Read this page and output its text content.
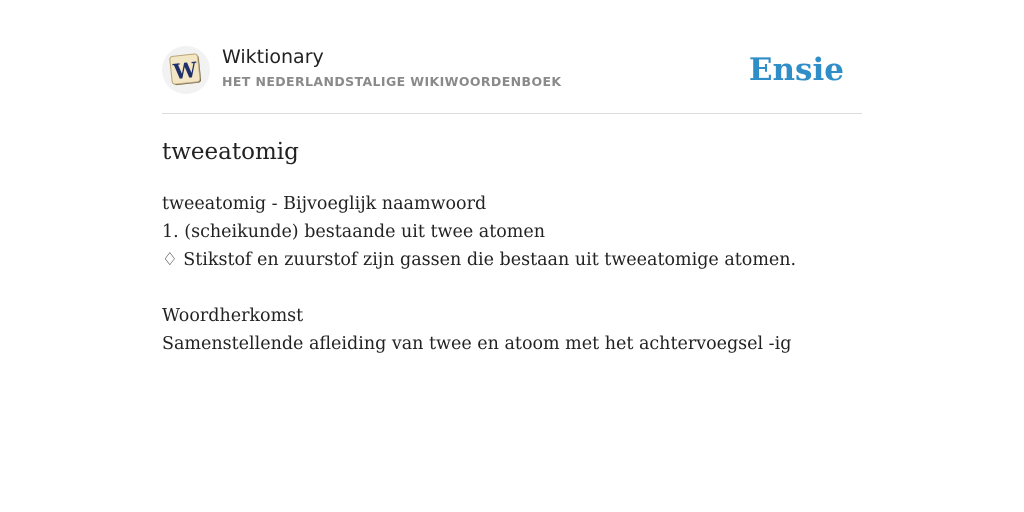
W Wiktionary
HET NEDERLANDSTALIGE WIKIWOORDENBOEK	Ensie
tweeatomig
tweeatomig - Bijvoeglijk naamwoord
1. (scheikunde) bestaande uit twee atomen
♢ Stikstof en zuurstof zijn gassen die bestaan uit tweeatomige atomen.
Woordherkomst
Samenstellende afleiding van twee en atoom met het achtervoegsel -ig
